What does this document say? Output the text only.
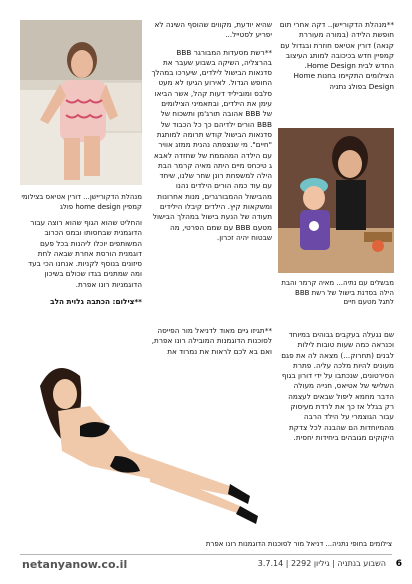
מנהלת הדקוריישן... דורין אטיאס בצילומי קמפיין home design פולג

**מנהלת הדקוריישן.. דקה אחרי תום חופשת הלידה (במורה מעוררת קנאה) דורין אטיאס חוזרת ובגדול עם קמפיין חדש בכיכובה למותג העיצוב החדש לבית Home Design. הצילומים התקיימו בחנות Home Design בפולג נתניה

שהיא יודעת, מקווים שהוסף השינה לא יפריע לסטייל...

**רשת מסעדות המבורגר BBB בהרצליה, השיקה בשבוע שעבר את סדנאות הבישול לילדים, שיערכו במהלך החופש הגדול. לאירוע הגיעו לא מעט סלבס ומוביליד דעות קהל, אשר הביאו עימן את הילדים, ובתאמיני הצילומים של BBB אהובה תורג'מן ותשכוח של BBB הורים ילדיהם כך כל הכבוד של סדנאות הבישול קודש תרומה למותגת "חיים". מי שנצפתה נהנית ממזג אוויר עם הילדה המהממת של שחזדה לאבא ג טיכחס מיים היתה מאיה קרמר הבת הילה למשפחת רונן שחר שלנו, שיחד עם עוד כמה הורים הילדים נהנו מהבישול ההמבורגרים, מנות אחרונות ומשקאות קיץ. הילדים קיבלו הילידים תעודה של הנעת בישול במהלך הבישול מטעם BBB עם שמם הפרטי, מה שבטוח יהיה זכרון.

והחליט שהוא הגוף שהוא רוצה עבור הדוגמנית שבחסותו ובמס הכרוב המשותפים יוכלו ליהנות בכל פעם דוגמנית הורסת אחרת שבאה לחת סיזונים בנוסף לקניות. אנחנו הכי בעד ומה שמתנים בגדו שכולם בשיכון הדוגמניות רונו אפרת.

**צילום: הכתבה גלוית הלב

**תגיזו גיים מאוד לדניאל מור הפייסה לסוכנות הדוגמנות המובילה רונו אפרת, ואם בא לכם לראות את נמרוד את

מבשלים עם נתיה... מאיה קרמר והבת הילה בסדנת בישול של רשת BBB לתגל מטעם חיים

שם נגעלה בעקבים גבוהים במיוחד וכנראה כמה שעות טובות לילות לבנים (תחרוק...) מצאה לה את פגם מעונים להיות מלכה עליה. פתרת הסירטונים, שנכתבו על ידי דורון בגוף השלישי של אטיאס, חנייה מעולה הדבר מחמא ליפול שבאים לעצמה רק בגלל אז כך את לרדת מעיסוק עבור הגוצמרי על הילד הרבה מהמיוחדות הם שהבנה לכל צדקת היקוקים מגובהים ביחידות יחסית.

צילומים בחופי נתניה... דניאל מור לסוכנות הדוגמנות רונו אפרת
netanyanow.co.il	השבוע בנתניה | גיליון 2292 | 3.7.14 6
